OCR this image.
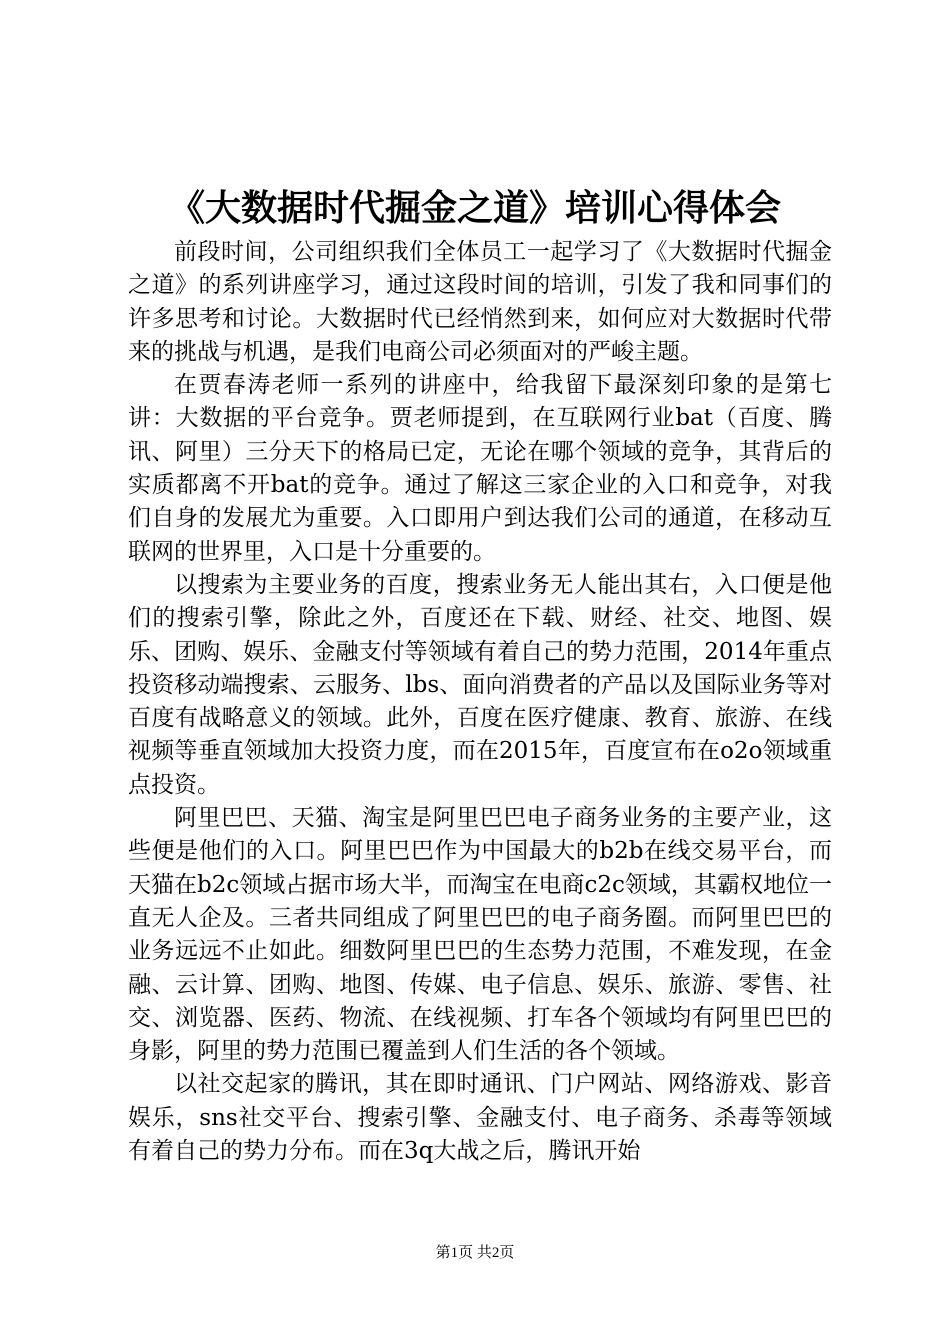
《大数据时代掘金之道》培训心得体会

前段时间，公司组织我们全体员工一起学习了《大数据时代掘金之道》的系列讲座学习，通过这段时间的培训，引发了我和同事们的许多思考和讨论。大数据时代已经悄然到来，如何应对大数据时代带来的挑战与机遇，是我们电商公司必须面对的严峻主题。

在贾春涛老师一系列的讲座中，给我留下最深刻印象的是第七讲：大数据的平台竞争。贾老师提到，在互联网行业bat（百度、腾讯、阿里）三分天下的格局已定，无论在哪个领域的竞争，其背后的实质都离不开bat的竞争。通过了解这三家企业的入口和竞争，对我们自身的发展尤为重要。入口即用户到达我们公司的通道，在移动互联网的世界里，入口是十分重要的。

以搜索为主要业务的百度，搜索业务无人能出其右，入口便是他们的搜索引擎，除此之外，百度还在下载、财经、社交、地图、娱乐、团购、娱乐、金融支付等领域有着自己的势力范围，2014年重点投资移动端搜索、云服务、lbs、面向消费者的产品以及国际业务等对百度有战略意义的领域。此外，百度在医疗健康、教育、旅游、在线视频等垂直领域加大投资力度，而在2015年，百度宣布在o2o领域重点投资。

阿里巴巴、天猫、淘宝是阿里巴巴电子商务业务的主要产业，这些便是他们的入口。阿里巴巴作为中国最大的b2b在线交易平台，而天猫在b2c领域占据市场大半，而淘宝在电商c2c领域，其霸权地位一直无人企及。三者共同组成了阿里巴巴的电子商务圈。而阿里巴巴的业务远远不止如此。细数阿里巴巴的生态势力范围，不难发现，在金融、云计算、团购、地图、传媒、电子信息、娱乐、旅游、零售、社交、浏览器、医药、物流、在线视频、打车各个领域均有阿里巴巴的身影，阿里的势力范围已覆盖到人们生活的各个领域。

以社交起家的腾讯，其在即时通讯、门户网站、网络游戏、影音娱乐，sns社交平台、搜索引擎、金融支付、电子商务、杀毒等领域有着自己的势力分布。而在3q大战之后，腾讯开始

第1页 共2页
